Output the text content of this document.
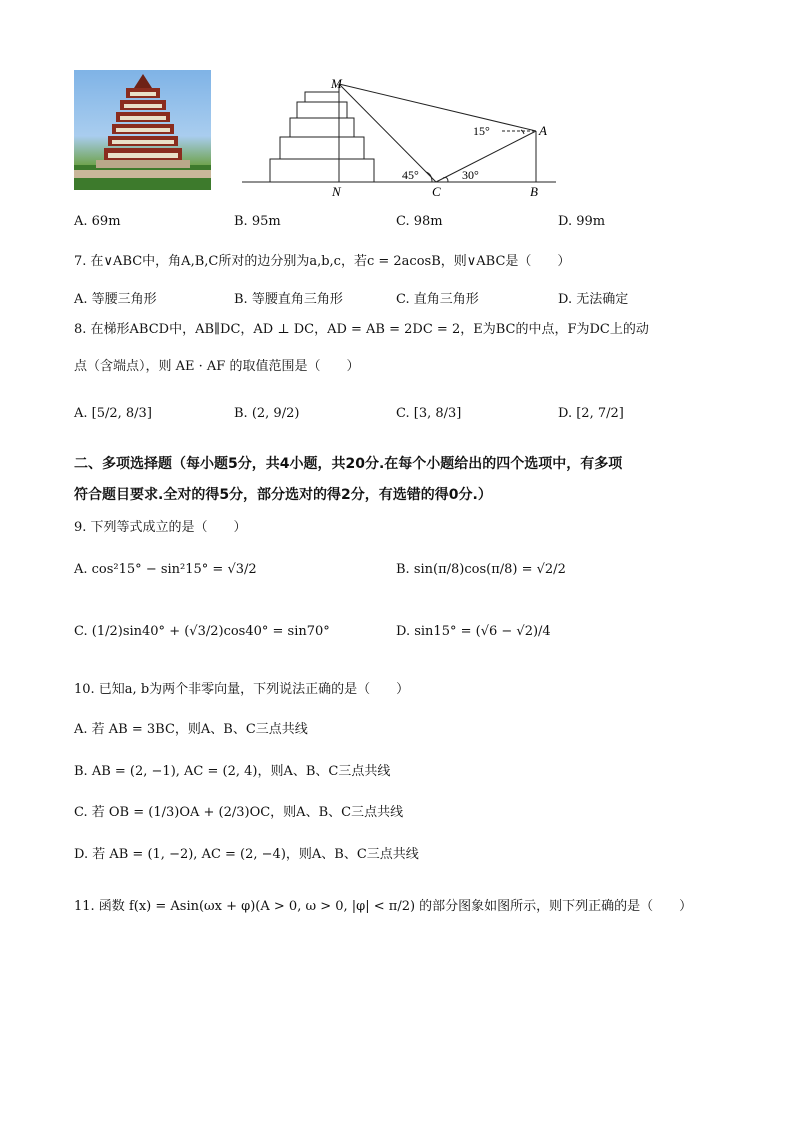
M
A
N	C	B
15°
45°	30°
A. 69m	B. 95m	C. 98m	D. 99m
7. 在∨ABC中，角A,B,C所对的边分别为a,b,c，若c = 2acosB，则∨ABC是（　　）
A. 等腰三角形	B. 等腰直角三角形	C. 直角三角形	D. 无法确定
8. 在梯形ABCD中，AB∥DC，AD ⊥ DC，AD = AB = 2DC = 2，E为BC的中点，F为DC上的动
点（含端点），则 AE · AF 的取值范围是（　　）
A. [5/2, 8/3]	B. (2, 9/2)	C. [3, 8/3]	D. [2, 7/2]
二、多项选择题（每小题5分，共4小题，共20分.在每个小题给出的四个选项中，有多项
符合题目要求.全对的得5分，部分选对的得2分，有选错的得0分.）
9. 下列等式成立的是（　　）
A. cos²15° − sin²15° = √3/2	B. sin(π/8)cos(π/8) = √2/2
C. (1/2)sin40° + (√3/2)cos40° = sin70°	D. sin15° = (√6 − √2)/4
10. 已知a, b为两个非零向量，下列说法正确的是（　　）
A. 若 AB = 3BC，则A、B、C三点共线
B. AB = (2, −1), AC = (2, 4)，则A、B、C三点共线
C. 若 OB = (1/3)OA + (2/3)OC，则A、B、C三点共线
D. 若 AB = (1, −2), AC = (2, −4)，则A、B、C三点共线
11. 函数 f(x) = Asin(ωx + φ)(A > 0, ω > 0, |φ| < π/2) 的部分图象如图所示，则下列正确的是（　　）
